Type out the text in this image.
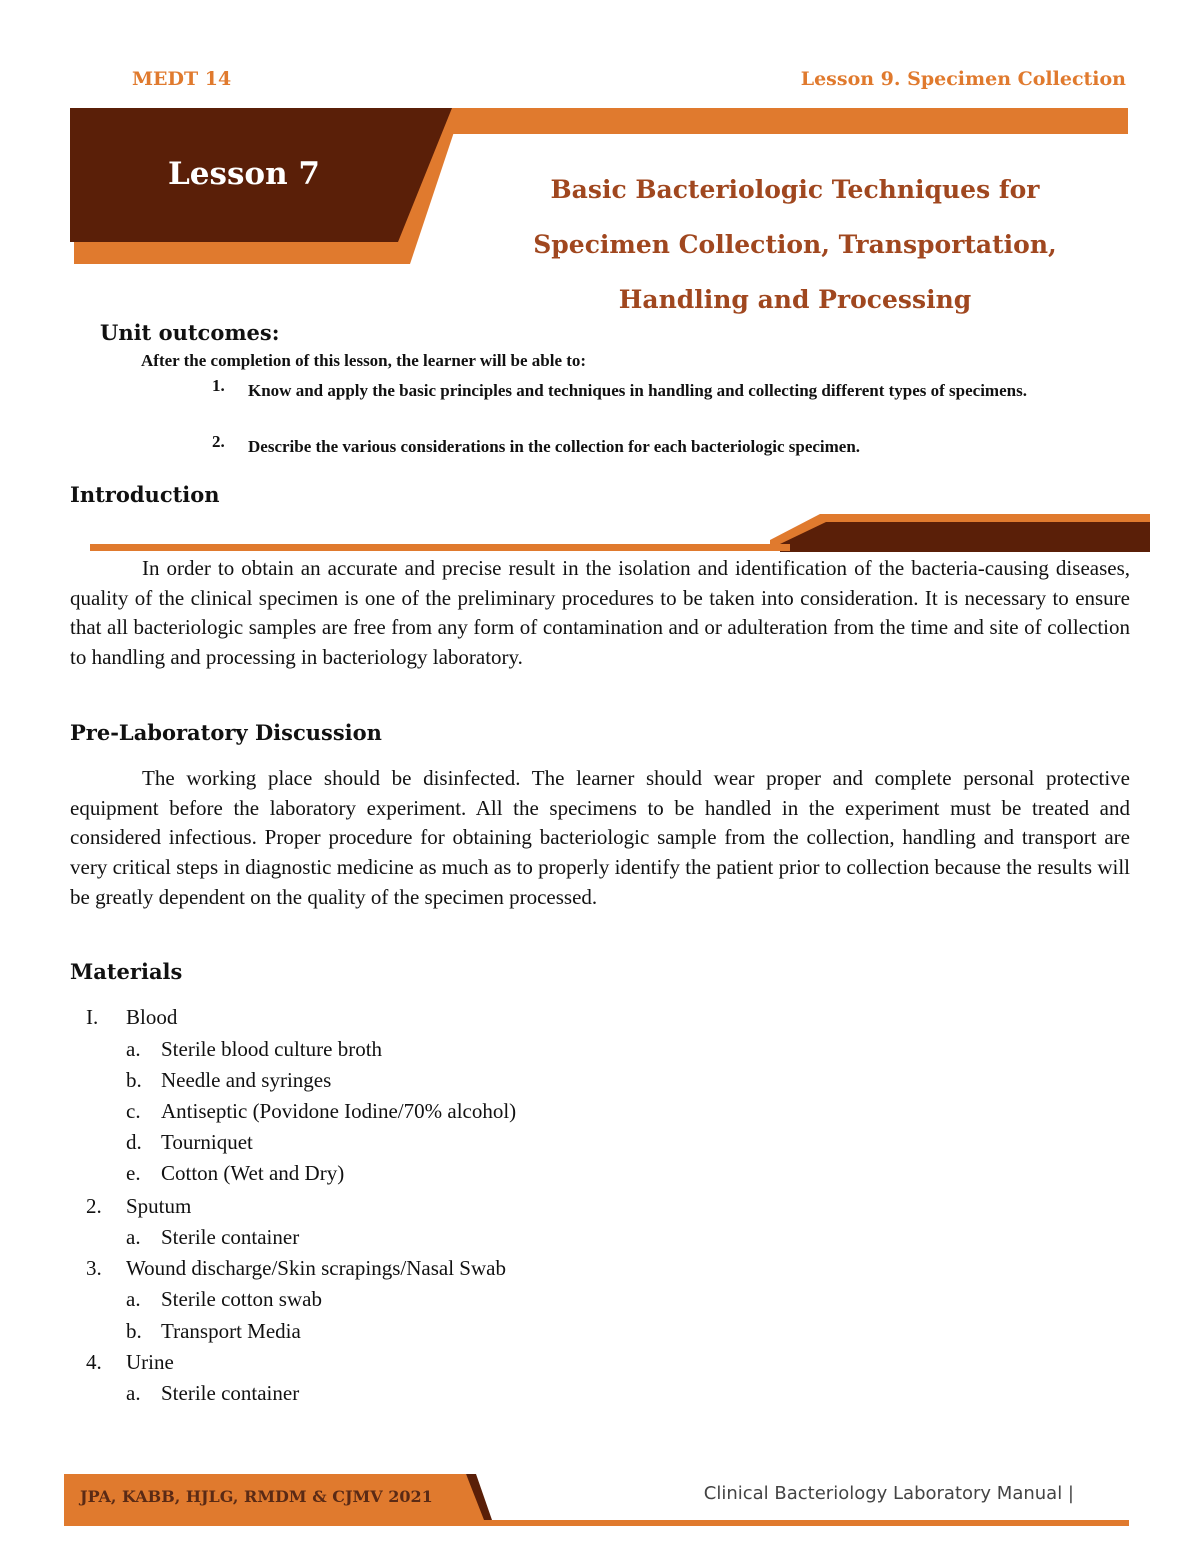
MEDT 14	Lesson 9. Specimen Collection
Lesson 7	Basic Bacteriologic Techniques for
Specimen Collection, Transportation,
Handling and Processing
Unit outcomes:
After the completion of this lesson, the learner will be able to:
1. Know and apply the basic principles and techniques in handling and collecting different types of specimens.
2. Describe the various considerations in the collection for each bacteriologic specimen.
Introduction
In order to obtain an accurate and precise result in the isolation and identification of the bacteria-causing diseases, quality of the clinical specimen is one of the preliminary procedures to be taken into consideration. It is necessary to ensure that all bacteriologic samples are free from any form of contamination and or adulteration from the time and site of collection to handling and processing in bacteriology laboratory.
Pre-Laboratory Discussion
The working place should be disinfected. The learner should wear proper and complete personal protective equipment before the laboratory experiment. All the specimens to be handled in the experiment must be treated and considered infectious. Proper procedure for obtaining bacteriologic sample from the collection, handling and transport are very critical steps in diagnostic medicine as much as to properly identify the patient prior to collection because the results will be greatly dependent on the quality of the specimen processed.
Materials
I.	Blood
a. Sterile blood culture broth
b. Needle and syringes
c. Antiseptic (Povidone Iodine/70% alcohol)
d. Tourniquet
e. Cotton (Wet and Dry)
2.	Sputum
a. Sterile container
3.	Wound discharge/Skin scrapings/Nasal Swab
a. Sterile cotton swab
b. Transport Media
4.	Urine
a. Sterile container
JPA, KABB, HJLG, RMDM & CJMV 2021	Clinical Bacteriology Laboratory Manual |
